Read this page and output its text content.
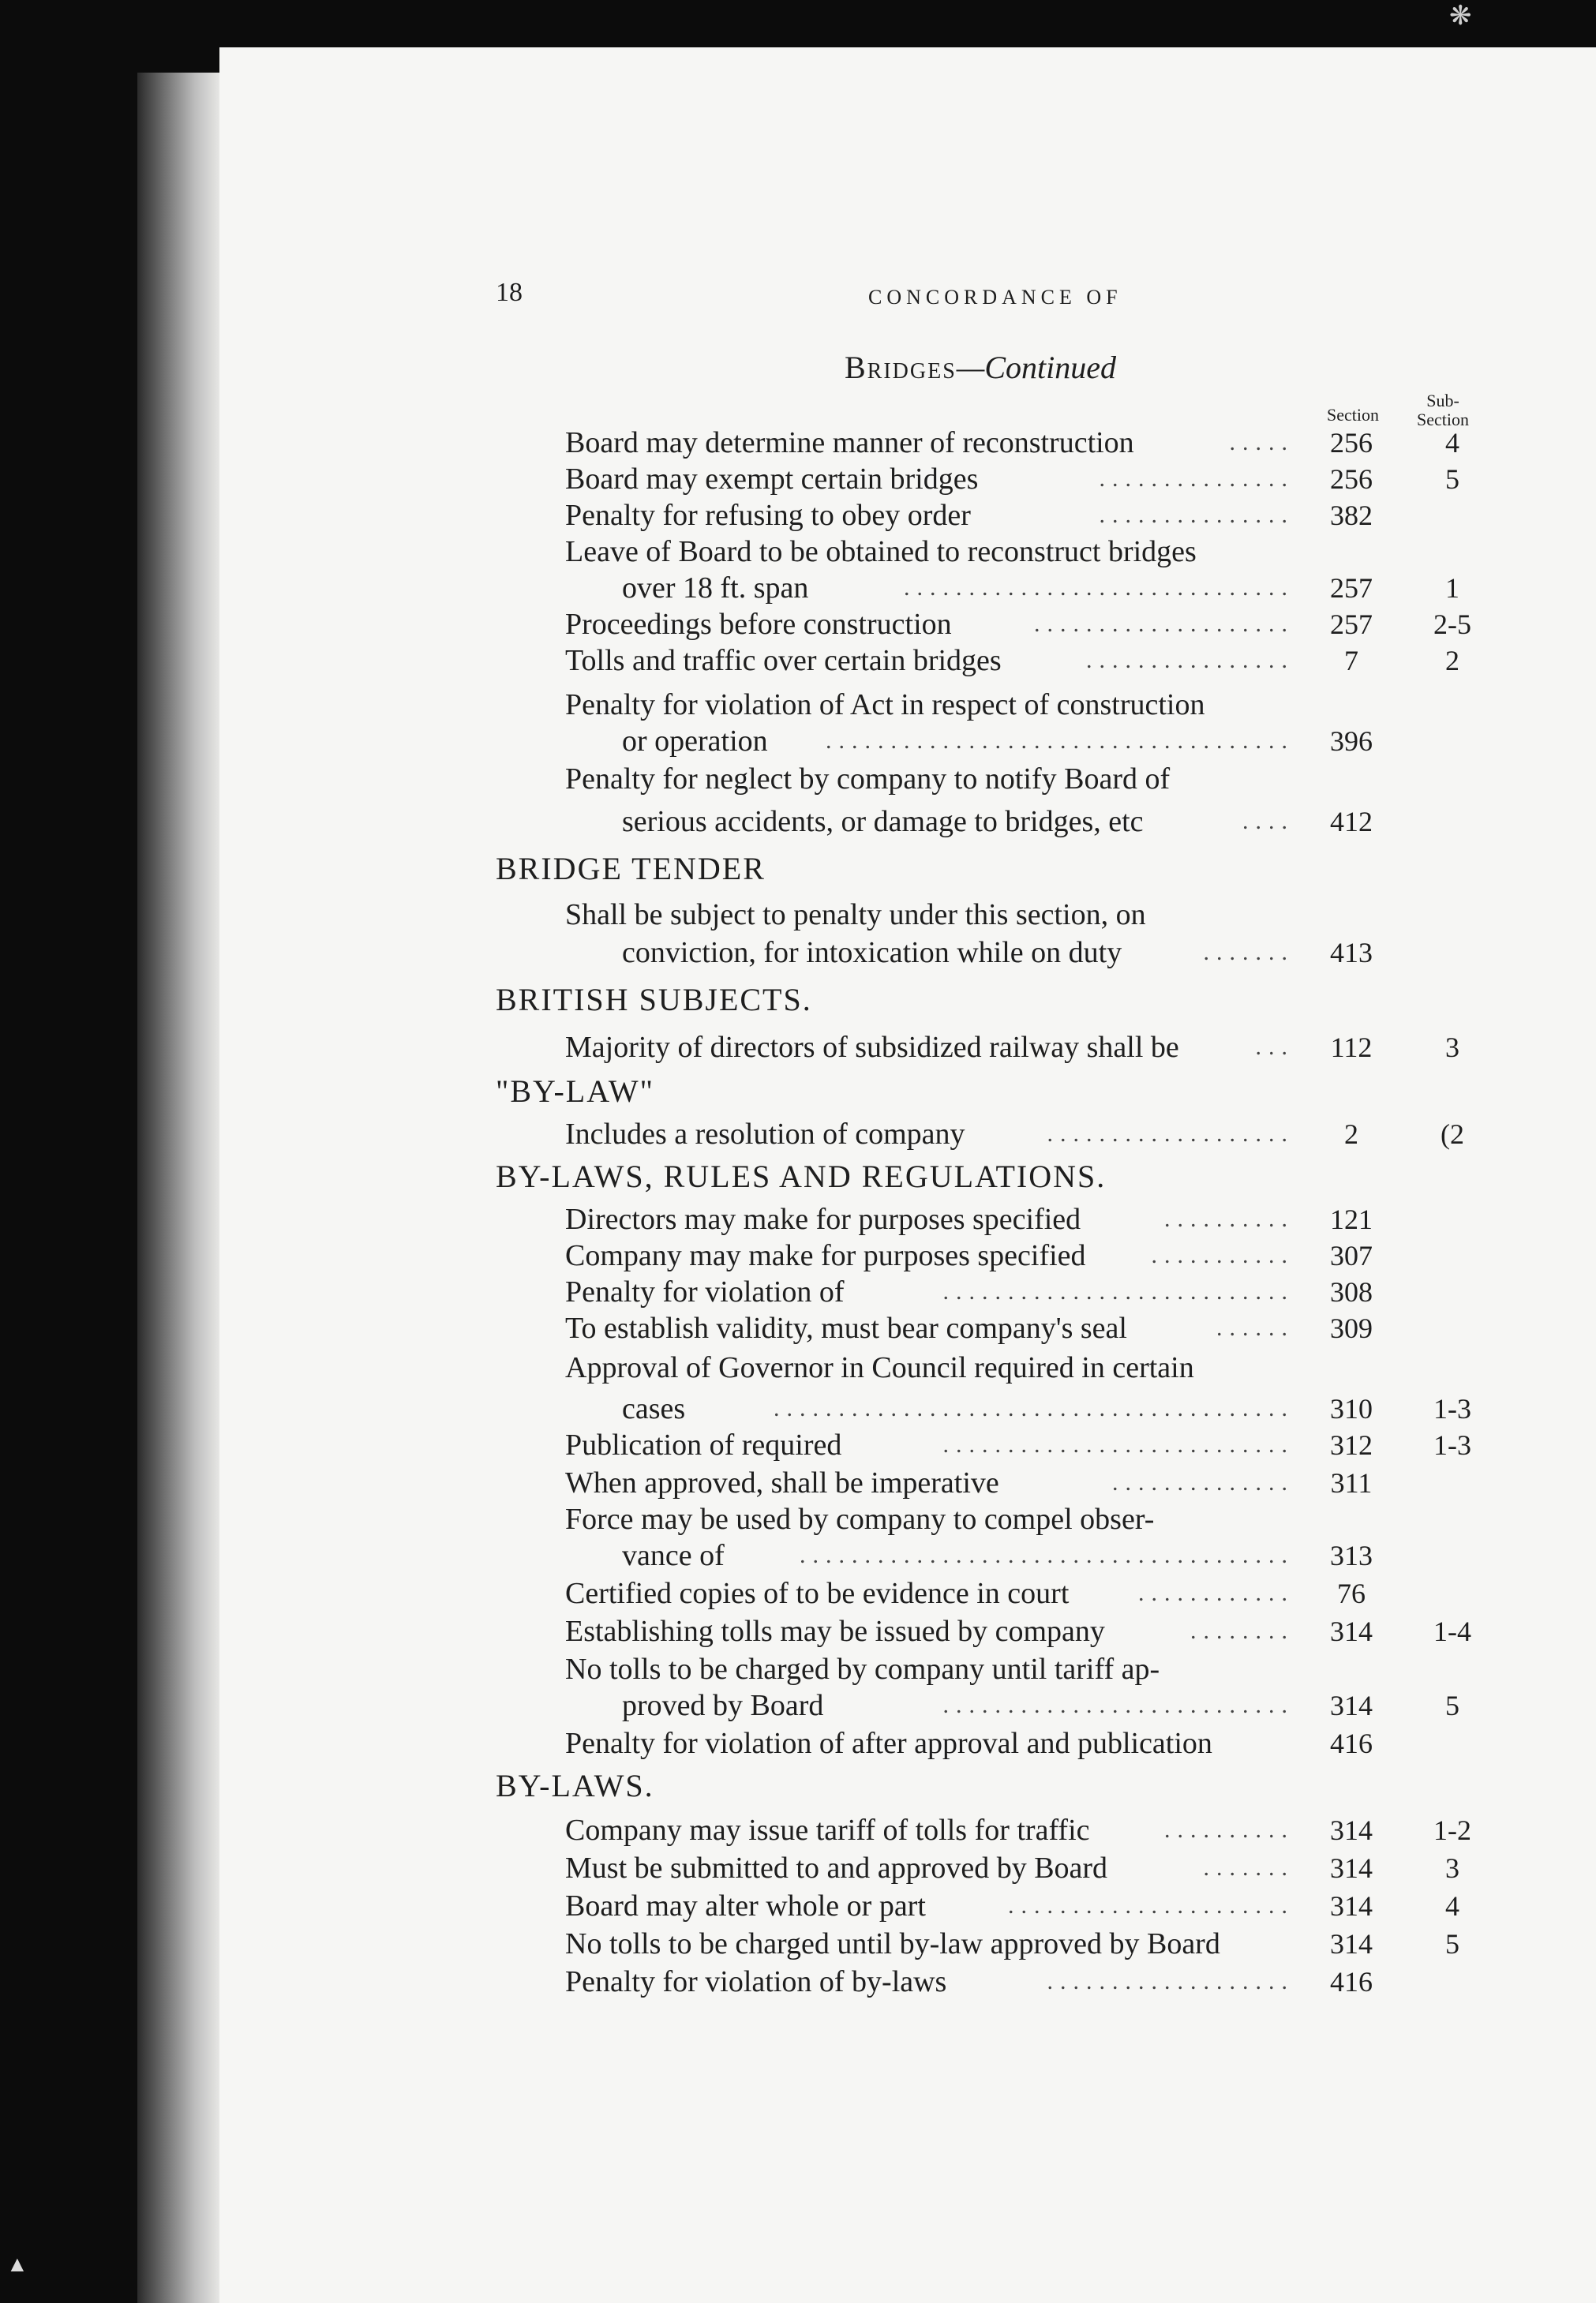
❋
▲
18	CONCORDANCE OF
Bridges—Continued
Section
Sub-
Section
Board may determine manner of reconstruction	.....	256	4
Board may exempt certain bridges	...............	256	5
Penalty for refusing to obey order	...............	382
Leave of Board to be obtained to reconstruct bridges
over 18 ft. span	..............................	257	1
Proceedings before construction	....................	257	2-5
Tolls and traffic over certain bridges	................	7	2
Penalty for violation of Act in respect of construction
or operation ....................................	396
Penalty for neglect by company to notify Board of
serious accidents, or damage to bridges, etc	....	412
BRIDGE TENDER
Shall be subject to penalty under this section, on
conviction, for intoxication while on duty	.......	413
BRITISH SUBJECTS.
Majority of directors of subsidized railway shall be	...	112	3
"BY-LAW"
Includes a resolution of company	...................	2	(2
BY-LAWS, RULES AND REGULATIONS.
Directors may make for purposes specified	..........	121
Company may make for purposes specified	...........	307
Penalty for violation of	...........................	308
To establish validity, must bear company's seal	......	309
Approval of Governor in Council required in certain
cases	........................................	310	1-3
Publication of required	...........................	312	1-3
When approved, shall be imperative	..............	311
Force may be used by company to compel obser-
vance of	......................................	313
Certified copies of to be evidence in court	............	76
Establishing tolls may be issued by company	........	314	1-4
No tolls to be charged by company until tariff ap-
proved by Board	...........................	314	5
Penalty for violation of after approval and publication	416
BY-LAWS.
Company may issue tariff of tolls for traffic	..........	314	1-2
Must be submitted to and approved by Board	.......	314	3
Board may alter whole or part	......................	314	4
No tolls to be charged until by-law approved by Board	314	5
Penalty for violation of by-laws	...................	416
